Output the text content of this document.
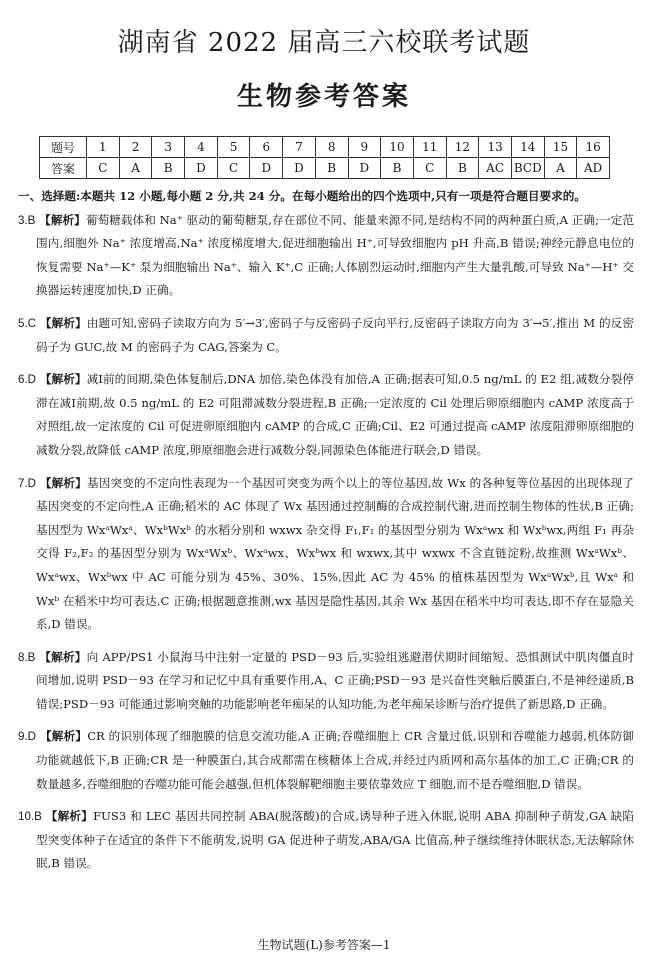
湖南省 2022 届高三六校联考试题
生物参考答案
题号	1	2	3	4	5	6	7	8	9	10	11	12	13	14	15	16
答案	C	A	B	D	C	D	D	B	D	B	C	B	AC	BCD	A	AD
一、选择题:本题共 12 小题,每小题 2 分,共 24 分。在每小题给出的四个选项中,只有一项是符合题目要求的。
3.B 【解析】葡萄糖载体和 Na⁺ 驱动的葡萄糖泵,存在部位不同、能量来源不同,是结构不同的两种蛋白质,A 正确;一定范围内,细胞外 Na⁺ 浓度增高,Na⁺ 浓度梯度增大,促进细胞输出 H⁺,可导致细胞内 pH 升高,B 错误;神经元静息电位的恢复需要 Na⁺—K⁺ 泵为细胞输出 Na⁺、输入 K⁺,C 正确;人体剧烈运动时,细胞内产生大量乳酸,可导致 Na⁺—H⁺ 交换器运转速度加快,D 正确。
5.C 【解析】由题可知,密码子读取方向为 5′→3′,密码子与反密码子反向平行,反密码子读取方向为 3′→5′,推出 M 的反密码子为 GUC,故 M 的密码子为 CAG,答案为 C。
6.D 【解析】减Ⅰ前的间期,染色体复制后,DNA 加倍,染色体没有加倍,A 正确;据表可知,0.5 ng/mL 的 E2 组,减数分裂停滞在减Ⅰ前期,故 0.5 ng/mL 的 E2 可阻滞减数分裂进程,B 正确;一定浓度的 Cil 处理后卵原细胞内 cAMP 浓度高于对照组,故一定浓度的 Cil 可促进卵原细胞内 cAMP 的合成,C 正确;Cil、E2 可通过提高 cAMP 浓度阻滞卵原细胞的减数分裂,故降低 cAMP 浓度,卵原细胞会进行减数分裂,同源染色体能进行联会,D 错误。
7.D 【解析】基因突变的不定向性表现为一个基因可突变为两个以上的等位基因,故 Wx 的各种复等位基因的出现体现了基因突变的不定向性,A 正确;稻米的 AC 体现了 Wx 基因通过控制酶的合成控制代谢,进而控制生物体的性状,B 正确;基因型为 WxᵃWxᵃ、WxᵇWxᵇ 的水稻分别和 wxwx 杂交得 F₁,F₁ 的基因型分别为 Wxᵃwx 和 Wxᵇwx,两组 F₁ 再杂交得 F₂,F₂ 的基因型分别为 WxᵃWxᵇ、Wxᵃwx、Wxᵇwx 和 wxwx,其中 wxwx 不含直链淀粉,故推测 WxᵃWxᵇ、Wxᵃwx、Wxᵇwx 中 AC 可能分别为 45%、30%、15%,因此 AC 为 45% 的植株基因型为 WxᵃWxᵇ,且 Wxᵃ 和 Wxᵇ 在稻米中均可表达,C 正确;根据题意推测,wx 基因是隐性基因,其余 Wx 基因在稻米中均可表达,即不存在显隐关系,D 错误。
8.B 【解析】向 APP/PS1 小鼠海马中注射一定量的 PSD－93 后,实验组逃避潜伏期时间缩短、恐惧测试中肌肉僵直时间增加,说明 PSD－93 在学习和记忆中具有重要作用,A、C 正确;PSD－93 是兴奋性突触后膜蛋白,不是神经递质,B 错误;PSD－93 可能通过影响突触的功能影响老年痴呆的认知功能,为老年痴呆诊断与治疗提供了新思路,D 正确。
9.D 【解析】CR 的识别体现了细胞膜的信息交流功能,A 正确;吞噬细胞上 CR 含量过低,识别和吞噬能力越弱,机体防御功能就越低下,B 正确;CR 是一种膜蛋白,其合成都需在核糖体上合成,并经过内质网和高尔基体的加工,C 正确;CR 的数量越多,吞噬细胞的吞噬功能可能会越强,但机体裂解靶细胞主要依靠效应 T 细胞,而不是吞噬细胞,D 错误。
10.B 【解析】FUS3 和 LEC 基因共同控制 ABA(脱落酸)的合成,诱导种子进入休眠,说明 ABA 抑制种子萌发,GA 缺陷型突变体种子在适宜的条件下不能萌发,说明 GA 促进种子萌发,ABA/GA 比值高,种子继续维持休眠状态,无法解除休眠,B 错误。
生物试题(L)参考答案—1
